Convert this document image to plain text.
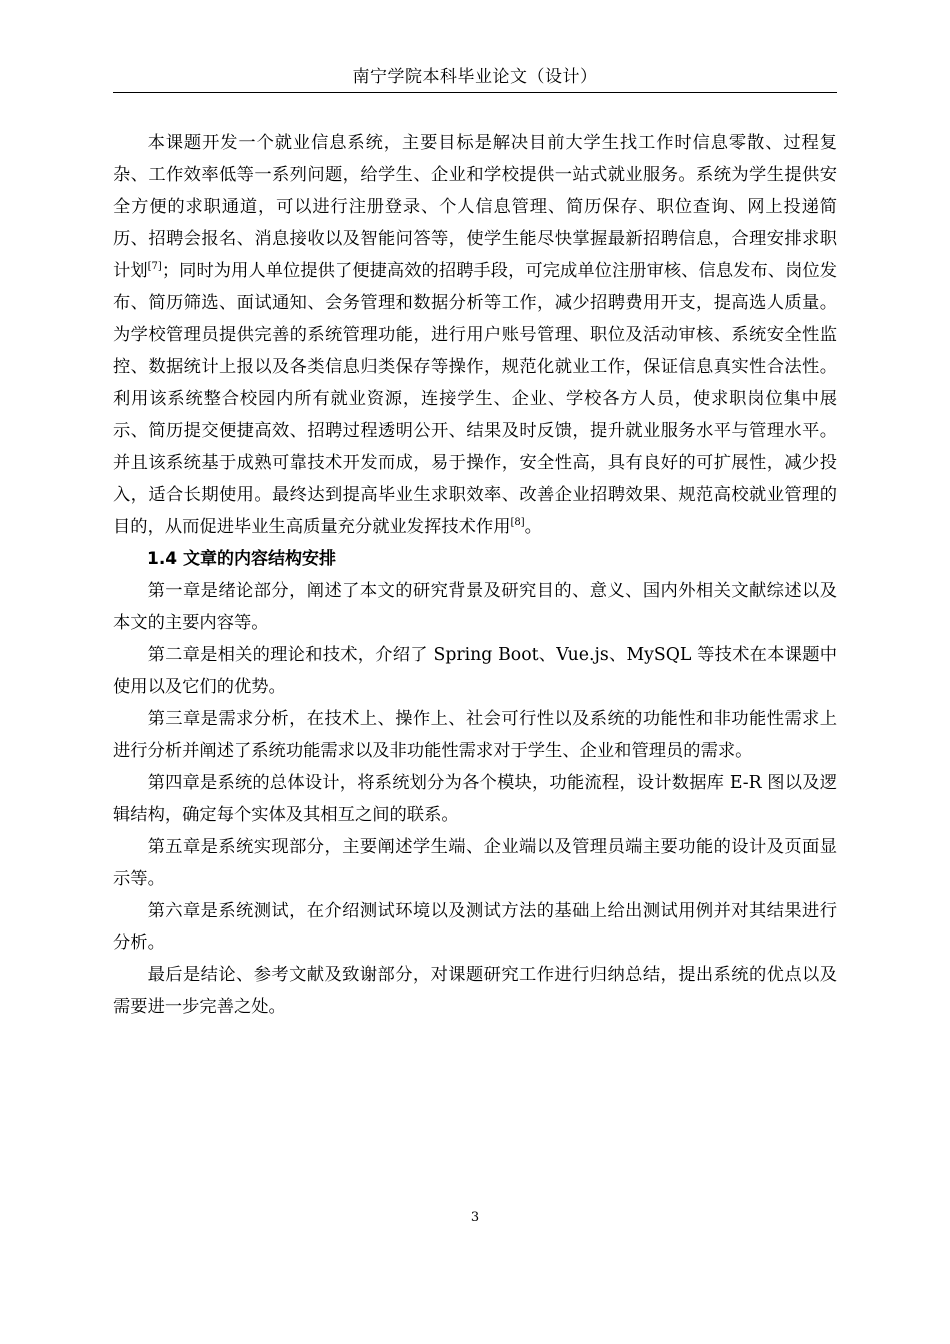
南宁学院本科毕业论文（设计）

本课题开发一个就业信息系统，主要目标是解决目前大学生找工作时信息零散、过程复杂、工作效率低等一系列问题，给学生、企业和学校提供一站式就业服务。系统为学生提供安全方便的求职通道，可以进行注册登录、个人信息管理、简历保存、职位查询、网上投递简历、招聘会报名、消息接收以及智能问答等，使学生能尽快掌握最新招聘信息，合理安排求职计划[7]；同时为用人单位提供了便捷高效的招聘手段，可完成单位注册审核、信息发布、岗位发布、简历筛选、面试通知、会务管理和数据分析等工作，减少招聘费用开支，提高选人质量。为学校管理员提供完善的系统管理功能，进行用户账号管理、职位及活动审核、系统安全性监控、数据统计上报以及各类信息归类保存等操作，规范化就业工作，保证信息真实性合法性。利用该系统整合校园内所有就业资源，连接学生、企业、学校各方人员，使求职岗位集中展示、简历提交便捷高效、招聘过程透明公开、结果及时反馈，提升就业服务水平与管理水平。并且该系统基于成熟可靠技术开发而成，易于操作，安全性高，具有良好的可扩展性，减少投入，适合长期使用。最终达到提高毕业生求职效率、改善企业招聘效果、规范高校就业管理的目的，从而促进毕业生高质量充分就业发挥技术作用[8]。

1.4 文章的内容结构安排

第一章是绪论部分，阐述了本文的研究背景及研究目的、意义、国内外相关文献综述以及本文的主要内容等。

第二章是相关的理论和技术，介绍了 Spring Boot、Vue.js、MySQL 等技术在本课题中使用以及它们的优势。

第三章是需求分析，在技术上、操作上、社会可行性以及系统的功能性和非功能性需求上进行分析并阐述了系统功能需求以及非功能性需求对于学生、企业和管理员的需求。

第四章是系统的总体设计，将系统划分为各个模块，功能流程，设计数据库 E-R 图以及逻辑结构，确定每个实体及其相互之间的联系。

第五章是系统实现部分，主要阐述学生端、企业端以及管理员端主要功能的设计及页面显示等。

第六章是系统测试，在介绍测试环境以及测试方法的基础上给出测试用例并对其结果进行分析。

最后是结论、参考文献及致谢部分，对课题研究工作进行归纳总结，提出系统的优点以及需要进一步完善之处。

3
